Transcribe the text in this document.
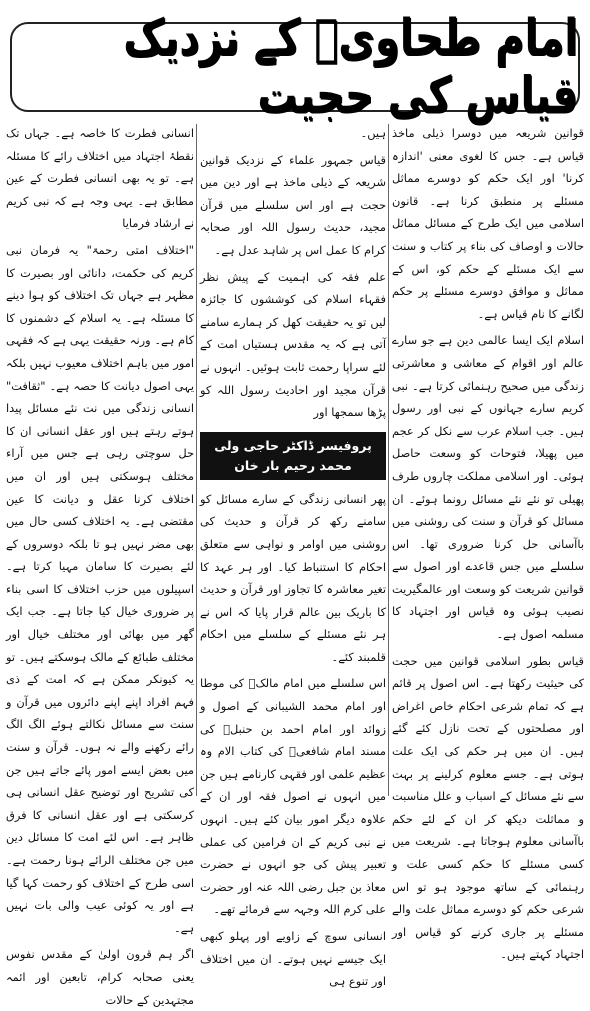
امام طحاویؒ کے نزدیک قیاس کی حجیت

قوانین شریعہ میں دوسرا ذیلی ماخذ قیاس ہے۔ جس کا لغوی معنی 'اندازہ کرنا' اور ایک حکم کو دوسرے مماثل مسئلے پر منطبق کرنا ہے۔ قانون اسلامی میں ایک طرح کے مسائل مماثل حالات و اوصاف کی بناء پر کتاب و سنت سے ایک مسئلے کے حکم کو، اس کے مماثل و موافق دوسرے مسئلے پر حکم لگانے کا نام قیاس ہے۔

اسلام ایک ایسا عالمی دین ہے جو سارے عالم اور اقوام کے معاشی و معاشرتی زندگی میں صحیح رہنمائی کرتا ہے۔ نبی کریم سارے جہانوں کے نبی اور رسول ہیں۔ جب اسلام عرب سے نکل کر عجم میں پھیلا، فتوحات کو وسعت حاصل ہوئی۔ اور اسلامی مملکت چاروں طرف پھیلی تو نئے نئے مسائل رونما ہوئے۔ ان مسائل کو قرآن و سنت کی روشنی میں باآسانی حل کرنا ضروری تھا۔ اس سلسلے میں جس قاعدے اور اصول سے قوانین شریعت کو وسعت اور عالمگیریت نصیب ہوئی وہ قیاس اور اجتہاد کا مسلمہ اصول ہے۔

قیاس بطور اسلامی قوانین میں حجت کی حیثیت رکھتا ہے۔ اس اصول پر قائم ہے کہ تمام شرعی احکام خاص اغراض اور مصلحتوں کے تحت نازل کئے گئے ہیں۔ ان میں ہر حکم کی ایک علت ہوتی ہے۔ جسے معلوم کرلینے پر بہت سے نئے مسائل کے اسباب و علل مناسبت و مماثلت دیکھ کر ان کے لئے حکم باآسانی معلوم ہوجاتا ہے۔ شریعت میں کسی مسئلے کا حکم کسی علت و رہنمائی کے ساتھ موجود ہو تو اس شرعی حکم کو دوسرے مماثل علت والے مسئلے پر جاری کرنے کو قیاس اور اجتہاد کہتے ہیں۔

ہیں۔

قیاس جمہور علماء کے نزدیک قوانین شریعہ کے ذیلی ماخذ ہے اور دین میں حجت ہے اور اس سلسلے میں قرآن مجید، حدیث رسول اللہ اور صحابہ کرام کا عمل اس پر شاہد عدل ہے۔

علم فقہ کی اہمیت کے پیش نظر فقہاء اسلام کی کوششوں کا جائزہ لیں تو یہ حقیقت کھل کر ہمارے سامنے آتی ہے کہ یہ مقدس ہستیاں امت کے لئے سراپا رحمت ثابت ہوئیں۔ انہوں نے قرآن مجید اور احادیث رسول اللہ کو پڑھا سمجھا اور

پروفیسر ڈاکٹر حاجی ولی محمد رحیم بار خان

پھر انسانی زندگی کے سارے مسائل کو سامنے رکھ کر قرآن و حدیث کی روشنی میں اوامر و نواہی سے متعلق احکام کا استنباط کیا۔ اور ہر عہد کا تغیر معاشرہ کا تجاوز اور قرآن و حدیث کا باریک بین عالم قرار پایا کہ اس نے ہر نئے مسئلے کے سلسلے میں احکام قلمبند کئے۔

اس سلسلے میں امام مالکؒ کی موطا اور امام محمد الشیبانی کے اصول و زوائد اور امام احمد بن حنبلؒ کی مسند امام شافعیؒ کی کتاب الام وہ عظیم علمی اور فقہی کارنامے ہیں جن میں انہوں نے اصول فقہ اور ان کے علاوہ دیگر امور بیان کئے ہیں۔ انہوں نے نبی کریم کے ان فرامین کی عملی تعبیر پیش کی جو انہوں نے حضرت معاذ بن جبل رضی اللہ عنہ اور حضرت علی کرم اللہ وجہہ سے فرمائے تھے۔

انسانی سوچ کے زاویے اور پہلو کبھی ایک جیسے نہیں ہوتے۔ ان میں اختلاف اور تنوع ہی

انسانی فطرت کا خاصہ ہے۔ جہاں تک نقطۂ اجتہاد میں اختلاف رائے کا مسئلہ ہے۔ تو یہ بھی انسانی فطرت کے عین مطابق ہے۔ یہی وجہ ہے کہ نبی کریم نے ارشاد فرمایا

"اختلاف امتی رحمۃ" یہ فرمان نبی کریم کی حکمت، دانائی اور بصیرت کا مظہر ہے جہاں تک اختلاف کو ہوا دینے کا مسئلہ ہے۔ یہ اسلام کے دشمنوں کا کام ہے۔ ورنہ حقیقت یہی ہے کہ فقہی امور میں باہم اختلاف معیوب نہیں بلکہ یہی اصول دیانت کا حصہ ہے۔ "ثقافت" انسانی زندگی میں نت نئے مسائل پیدا ہوتے رہتے ہیں اور عقل انسانی ان کا حل سوچتی رہی ہے جس میں آراء مختلف ہوسکتی ہیں اور ان میں اختلاف کرنا عقل و دیانت کا عین مقتضی ہے۔ یہ اختلاف کسی حال میں بھی مضر نہیں ہو تا بلکہ دوسروں کے لئے بصیرت کا سامان مہیا کرتا ہے۔ اسپیلوں میں حزب اختلاف کا اسی بناء پر ضروری خیال کیا جاتا ہے۔ جب ایک گھر میں بھائی اور مختلف خیال اور مختلف طبائع کے مالک ہوسکتے ہیں۔ تو یہ کیونکر ممکن ہے کہ امت کے ذی فہم افراد اپنے اپنے دائروں میں قرآن و سنت سے مسائل نکالتے ہوئے الگ الگ رائے رکھنے والے نہ ہوں۔ قرآن و سنت میں بعض ایسے امور پائے جاتے ہیں جن کی تشریح اور توضیح عقل انسانی ہی کرسکتی ہے اور عقل انسانی کا فرق ظاہر ہے۔ اس لئے امت کا مسائل دین میں جن مختلف الرائے ہونا رحمت ہے۔ اسی طرح کے اختلاف کو رحمت کہا گیا ہے اور یہ کوئی عیب والی بات نہیں ہے۔

اگر ہم قرون اولیٰ کے مقدس نفوس یعنی صحابہ کرام، تابعین اور ائمہ مجتہدین کے حالات
